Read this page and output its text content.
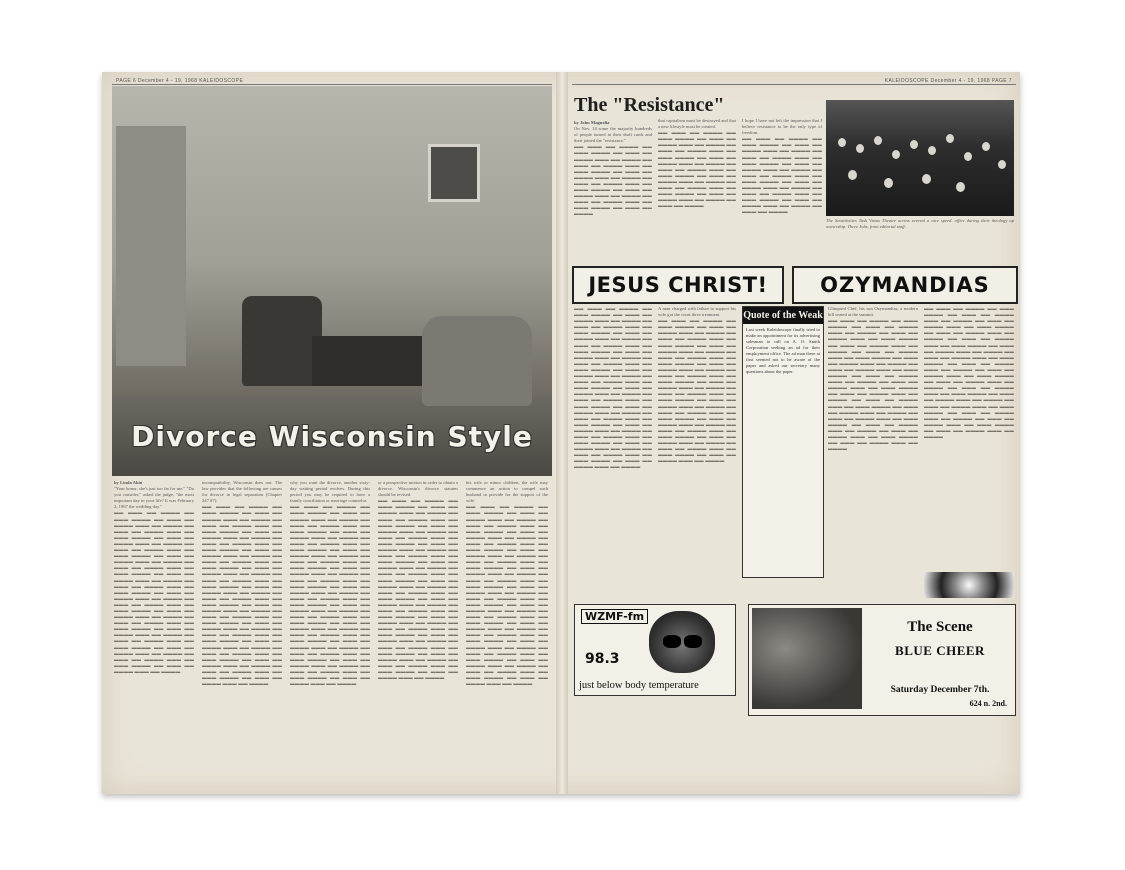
PAGE 6 December 4 - 19, 1968 KALEIDOSCOPE
Divorce Wisconsin Style
by Linda Akin
"Your honor, she's just too fat for me." "Do you consider," asked the judge, "the most important day in your life? It was February 2, 1967 the wedding day."
▬▬ ▬▬▬ ▬▬ ▬▬▬▬ ▬▬ ▬▬▬ ▬▬▬▬ ▬▬ ▬▬▬ ▬▬ ▬▬▬▬ ▬▬▬ ▬▬ ▬▬▬▬ ▬▬ ▬▬▬ ▬▬ ▬▬▬▬ ▬▬▬ ▬▬ ▬▬▬ ▬▬▬▬ ▬▬ ▬▬▬ ▬▬ ▬▬▬▬ ▬▬▬ ▬▬ ▬▬▬▬ ▬▬ ▬▬▬ ▬▬ ▬▬▬▬ ▬▬▬ ▬▬ ▬▬▬ ▬▬▬▬ ▬▬ ▬▬▬ ▬▬ ▬▬▬▬ ▬▬▬ ▬▬ ▬▬▬▬ ▬▬ ▬▬▬ ▬▬ ▬▬▬▬ ▬▬▬ ▬▬ ▬▬▬ ▬▬▬▬ ▬▬ ▬▬▬ ▬▬ ▬▬▬▬ ▬▬▬ ▬▬ ▬▬▬▬ ▬▬ ▬▬▬ ▬▬ ▬▬▬▬ ▬▬▬ ▬▬ ▬▬▬ ▬▬▬▬ ▬▬ ▬▬▬ ▬▬ ▬▬▬▬ ▬▬▬ ▬▬ ▬▬▬▬ ▬▬ ▬▬▬ ▬▬ ▬▬▬▬ ▬▬▬ ▬▬ ▬▬▬ ▬▬▬▬ ▬▬ ▬▬▬ ▬▬ ▬▬▬▬ ▬▬▬ ▬▬ ▬▬▬▬ ▬▬ ▬▬▬ ▬▬ ▬▬▬▬ ▬▬▬ ▬▬ ▬▬▬ ▬▬▬▬ ▬▬ ▬▬▬ ▬▬ ▬▬▬▬ ▬▬▬ ▬▬ ▬▬▬▬ ▬▬ ▬▬▬ ▬▬ ▬▬▬▬ ▬▬▬ ▬▬ ▬▬▬ ▬▬▬▬ ▬▬ ▬▬▬ ▬▬ ▬▬▬▬ ▬▬▬ ▬▬ ▬▬▬▬ ▬▬ ▬▬▬ ▬▬ ▬▬▬▬ ▬▬▬ ▬▬ ▬▬▬ ▬▬▬▬ ▬▬ ▬▬▬ ▬▬ ▬▬▬▬ ▬▬▬ ▬▬ ▬▬▬▬
incompatibility, Wisconsin does not. The law provides that the following are causes for divorce in legal separation (Chapter 247.07):
▬▬ ▬▬▬ ▬▬ ▬▬▬▬ ▬▬ ▬▬▬ ▬▬▬▬ ▬▬ ▬▬▬ ▬▬ ▬▬▬▬ ▬▬▬ ▬▬ ▬▬▬▬ ▬▬ ▬▬▬ ▬▬ ▬▬▬▬ ▬▬▬ ▬▬ ▬▬▬ ▬▬▬▬ ▬▬ ▬▬▬ ▬▬ ▬▬▬▬ ▬▬▬ ▬▬ ▬▬▬▬ ▬▬ ▬▬▬ ▬▬ ▬▬▬▬ ▬▬▬ ▬▬ ▬▬▬ ▬▬▬▬ ▬▬ ▬▬▬ ▬▬ ▬▬▬▬ ▬▬▬ ▬▬ ▬▬▬▬ ▬▬ ▬▬▬ ▬▬ ▬▬▬▬ ▬▬▬ ▬▬ ▬▬▬ ▬▬▬▬ ▬▬ ▬▬▬ ▬▬ ▬▬▬▬ ▬▬▬ ▬▬ ▬▬▬▬ ▬▬ ▬▬▬ ▬▬ ▬▬▬▬ ▬▬▬ ▬▬ ▬▬▬ ▬▬▬▬ ▬▬ ▬▬▬ ▬▬ ▬▬▬▬ ▬▬▬ ▬▬ ▬▬▬▬ ▬▬ ▬▬▬ ▬▬ ▬▬▬▬ ▬▬▬ ▬▬ ▬▬▬ ▬▬▬▬ ▬▬ ▬▬▬ ▬▬ ▬▬▬▬ ▬▬▬ ▬▬ ▬▬▬▬ ▬▬ ▬▬▬ ▬▬ ▬▬▬▬ ▬▬▬ ▬▬ ▬▬▬ ▬▬▬▬ ▬▬ ▬▬▬ ▬▬ ▬▬▬▬ ▬▬▬ ▬▬ ▬▬▬▬ ▬▬ ▬▬▬ ▬▬ ▬▬▬▬ ▬▬▬ ▬▬ ▬▬▬ ▬▬▬▬ ▬▬ ▬▬▬ ▬▬ ▬▬▬▬ ▬▬▬ ▬▬ ▬▬▬▬ ▬▬ ▬▬▬ ▬▬ ▬▬▬▬ ▬▬▬ ▬▬ ▬▬▬ ▬▬▬▬ ▬▬ ▬▬▬ ▬▬ ▬▬▬▬ ▬▬▬ ▬▬ ▬▬▬▬ ▬▬ ▬▬▬ ▬▬ ▬▬▬▬ ▬▬▬ ▬▬ ▬▬▬ ▬▬▬▬ ▬▬ ▬▬▬ ▬▬ ▬▬▬▬ ▬▬▬ ▬▬ ▬▬▬▬
why you want the divorce, another sixty-day waiting period evolves. During this period you may be required to have a family conciliation or marriage counselor.
▬▬ ▬▬▬ ▬▬ ▬▬▬▬ ▬▬ ▬▬▬ ▬▬▬▬ ▬▬ ▬▬▬ ▬▬ ▬▬▬▬ ▬▬▬ ▬▬ ▬▬▬▬ ▬▬ ▬▬▬ ▬▬ ▬▬▬▬ ▬▬▬ ▬▬ ▬▬▬ ▬▬▬▬ ▬▬ ▬▬▬ ▬▬ ▬▬▬▬ ▬▬▬ ▬▬ ▬▬▬▬ ▬▬ ▬▬▬ ▬▬ ▬▬▬▬ ▬▬▬ ▬▬ ▬▬▬ ▬▬▬▬ ▬▬ ▬▬▬ ▬▬ ▬▬▬▬ ▬▬▬ ▬▬ ▬▬▬▬ ▬▬ ▬▬▬ ▬▬ ▬▬▬▬ ▬▬▬ ▬▬ ▬▬▬ ▬▬▬▬ ▬▬ ▬▬▬ ▬▬ ▬▬▬▬ ▬▬▬ ▬▬ ▬▬▬▬ ▬▬ ▬▬▬ ▬▬ ▬▬▬▬ ▬▬▬ ▬▬ ▬▬▬ ▬▬▬▬ ▬▬ ▬▬▬ ▬▬ ▬▬▬▬ ▬▬▬ ▬▬ ▬▬▬▬ ▬▬ ▬▬▬ ▬▬ ▬▬▬▬ ▬▬▬ ▬▬ ▬▬▬ ▬▬▬▬ ▬▬ ▬▬▬ ▬▬ ▬▬▬▬ ▬▬▬ ▬▬ ▬▬▬▬ ▬▬ ▬▬▬ ▬▬ ▬▬▬▬ ▬▬▬ ▬▬ ▬▬▬ ▬▬▬▬ ▬▬ ▬▬▬ ▬▬ ▬▬▬▬ ▬▬▬ ▬▬ ▬▬▬▬ ▬▬ ▬▬▬ ▬▬ ▬▬▬▬ ▬▬▬ ▬▬ ▬▬▬ ▬▬▬▬ ▬▬ ▬▬▬ ▬▬ ▬▬▬▬ ▬▬▬ ▬▬ ▬▬▬▬ ▬▬ ▬▬▬ ▬▬ ▬▬▬▬ ▬▬▬ ▬▬ ▬▬▬ ▬▬▬▬ ▬▬ ▬▬▬ ▬▬ ▬▬▬▬ ▬▬▬ ▬▬ ▬▬▬▬ ▬▬ ▬▬▬ ▬▬ ▬▬▬▬ ▬▬▬ ▬▬ ▬▬▬ ▬▬▬▬ ▬▬ ▬▬▬ ▬▬ ▬▬▬▬ ▬▬▬ ▬▬ ▬▬▬▬
or a prospective motion in order to obtain a divorce. Wisconsin's divorce statutes should be revised.
▬▬ ▬▬▬ ▬▬ ▬▬▬▬ ▬▬ ▬▬▬ ▬▬▬▬ ▬▬ ▬▬▬ ▬▬ ▬▬▬▬ ▬▬▬ ▬▬ ▬▬▬▬ ▬▬ ▬▬▬ ▬▬ ▬▬▬▬ ▬▬▬ ▬▬ ▬▬▬ ▬▬▬▬ ▬▬ ▬▬▬ ▬▬ ▬▬▬▬ ▬▬▬ ▬▬ ▬▬▬▬ ▬▬ ▬▬▬ ▬▬ ▬▬▬▬ ▬▬▬ ▬▬ ▬▬▬ ▬▬▬▬ ▬▬ ▬▬▬ ▬▬ ▬▬▬▬ ▬▬▬ ▬▬ ▬▬▬▬ ▬▬ ▬▬▬ ▬▬ ▬▬▬▬ ▬▬▬ ▬▬ ▬▬▬ ▬▬▬▬ ▬▬ ▬▬▬ ▬▬ ▬▬▬▬ ▬▬▬ ▬▬ ▬▬▬▬ ▬▬ ▬▬▬ ▬▬ ▬▬▬▬ ▬▬▬ ▬▬ ▬▬▬ ▬▬▬▬ ▬▬ ▬▬▬ ▬▬ ▬▬▬▬ ▬▬▬ ▬▬ ▬▬▬▬ ▬▬ ▬▬▬ ▬▬ ▬▬▬▬ ▬▬▬ ▬▬ ▬▬▬ ▬▬▬▬ ▬▬ ▬▬▬ ▬▬ ▬▬▬▬ ▬▬▬ ▬▬ ▬▬▬▬ ▬▬ ▬▬▬ ▬▬ ▬▬▬▬ ▬▬▬ ▬▬ ▬▬▬ ▬▬▬▬ ▬▬ ▬▬▬ ▬▬ ▬▬▬▬ ▬▬▬ ▬▬ ▬▬▬▬ ▬▬ ▬▬▬ ▬▬ ▬▬▬▬ ▬▬▬ ▬▬ ▬▬▬ ▬▬▬▬ ▬▬ ▬▬▬ ▬▬ ▬▬▬▬ ▬▬▬ ▬▬ ▬▬▬▬ ▬▬ ▬▬▬ ▬▬ ▬▬▬▬ ▬▬▬ ▬▬ ▬▬▬ ▬▬▬▬ ▬▬ ▬▬▬ ▬▬ ▬▬▬▬ ▬▬▬ ▬▬ ▬▬▬▬ ▬▬ ▬▬▬ ▬▬ ▬▬▬▬ ▬▬▬ ▬▬ ▬▬▬ ▬▬▬▬ ▬▬ ▬▬▬ ▬▬ ▬▬▬▬ ▬▬▬ ▬▬ ▬▬▬▬
his wife or minor children, the wife may commence an action to compel such husband to provide for the support of the wife.
▬▬ ▬▬▬ ▬▬ ▬▬▬▬ ▬▬ ▬▬▬ ▬▬▬▬ ▬▬ ▬▬▬ ▬▬ ▬▬▬▬ ▬▬▬ ▬▬ ▬▬▬▬ ▬▬ ▬▬▬ ▬▬ ▬▬▬▬ ▬▬▬ ▬▬ ▬▬▬ ▬▬▬▬ ▬▬ ▬▬▬ ▬▬ ▬▬▬▬ ▬▬▬ ▬▬ ▬▬▬▬ ▬▬ ▬▬▬ ▬▬ ▬▬▬▬ ▬▬▬ ▬▬ ▬▬▬ ▬▬▬▬ ▬▬ ▬▬▬ ▬▬ ▬▬▬▬ ▬▬▬ ▬▬ ▬▬▬▬ ▬▬ ▬▬▬ ▬▬ ▬▬▬▬ ▬▬▬ ▬▬ ▬▬▬ ▬▬▬▬ ▬▬ ▬▬▬ ▬▬ ▬▬▬▬ ▬▬▬ ▬▬ ▬▬▬▬ ▬▬ ▬▬▬ ▬▬ ▬▬▬▬ ▬▬▬ ▬▬ ▬▬▬ ▬▬▬▬ ▬▬ ▬▬▬ ▬▬ ▬▬▬▬ ▬▬▬ ▬▬ ▬▬▬▬ ▬▬ ▬▬▬ ▬▬ ▬▬▬▬ ▬▬▬ ▬▬ ▬▬▬ ▬▬▬▬ ▬▬ ▬▬▬ ▬▬ ▬▬▬▬ ▬▬▬ ▬▬ ▬▬▬▬ ▬▬ ▬▬▬ ▬▬ ▬▬▬▬ ▬▬▬ ▬▬ ▬▬▬ ▬▬▬▬ ▬▬ ▬▬▬ ▬▬ ▬▬▬▬ ▬▬▬ ▬▬ ▬▬▬▬ ▬▬ ▬▬▬ ▬▬ ▬▬▬▬ ▬▬▬ ▬▬ ▬▬▬ ▬▬▬▬ ▬▬ ▬▬▬ ▬▬ ▬▬▬▬ ▬▬▬ ▬▬ ▬▬▬▬ ▬▬ ▬▬▬ ▬▬ ▬▬▬▬ ▬▬▬ ▬▬ ▬▬▬ ▬▬▬▬ ▬▬ ▬▬▬ ▬▬ ▬▬▬▬ ▬▬▬ ▬▬ ▬▬▬▬ ▬▬ ▬▬▬ ▬▬ ▬▬▬▬ ▬▬▬ ▬▬ ▬▬▬ ▬▬▬▬ ▬▬ ▬▬▬ ▬▬ ▬▬▬▬ ▬▬▬ ▬▬ ▬▬▬▬
KALEIDOSCOPE December 4 - 19, 1968 PAGE 7
The "Resistance"
by John Magnolia
On Nov. 14 some the majority hundreds of people turned in their draft cards and their joined the "resistance."
▬▬ ▬▬▬ ▬▬ ▬▬▬▬ ▬▬ ▬▬▬ ▬▬▬▬ ▬▬ ▬▬▬ ▬▬ ▬▬▬▬ ▬▬▬ ▬▬ ▬▬▬▬ ▬▬ ▬▬▬ ▬▬ ▬▬▬▬ ▬▬▬ ▬▬ ▬▬▬ ▬▬▬▬ ▬▬ ▬▬▬ ▬▬ ▬▬▬▬ ▬▬▬ ▬▬ ▬▬▬▬ ▬▬ ▬▬▬ ▬▬ ▬▬▬▬ ▬▬▬ ▬▬ ▬▬▬ ▬▬▬▬ ▬▬ ▬▬▬ ▬▬ ▬▬▬▬ ▬▬▬ ▬▬ ▬▬▬▬ ▬▬ ▬▬▬ ▬▬ ▬▬▬▬ ▬▬▬ ▬▬ ▬▬▬ ▬▬▬▬ ▬▬ ▬▬▬ ▬▬ ▬▬▬▬
that capitalism must be destroyed and that a new lifestyle must be created.
▬▬ ▬▬▬ ▬▬ ▬▬▬▬ ▬▬ ▬▬▬ ▬▬▬▬ ▬▬ ▬▬▬ ▬▬ ▬▬▬▬ ▬▬▬ ▬▬ ▬▬▬▬ ▬▬ ▬▬▬ ▬▬ ▬▬▬▬ ▬▬▬ ▬▬ ▬▬▬ ▬▬▬▬ ▬▬ ▬▬▬ ▬▬ ▬▬▬▬ ▬▬▬ ▬▬ ▬▬▬▬ ▬▬ ▬▬▬ ▬▬ ▬▬▬▬ ▬▬▬ ▬▬ ▬▬▬ ▬▬▬▬ ▬▬ ▬▬▬ ▬▬ ▬▬▬▬ ▬▬▬ ▬▬ ▬▬▬▬ ▬▬ ▬▬▬ ▬▬ ▬▬▬▬ ▬▬▬ ▬▬ ▬▬▬ ▬▬▬▬ ▬▬ ▬▬▬ ▬▬ ▬▬▬▬ ▬▬▬ ▬▬ ▬▬▬▬ ▬▬ ▬▬▬ ▬▬ ▬▬▬▬
I hope I have not left the impression that I believe resistance to be the only type of freedom.
▬▬ ▬▬▬ ▬▬ ▬▬▬▬ ▬▬ ▬▬▬ ▬▬▬▬ ▬▬ ▬▬▬ ▬▬ ▬▬▬▬ ▬▬▬ ▬▬ ▬▬▬▬ ▬▬ ▬▬▬ ▬▬ ▬▬▬▬ ▬▬▬ ▬▬ ▬▬▬ ▬▬▬▬ ▬▬ ▬▬▬ ▬▬ ▬▬▬▬ ▬▬▬ ▬▬ ▬▬▬▬ ▬▬ ▬▬▬ ▬▬ ▬▬▬▬ ▬▬▬ ▬▬ ▬▬▬ ▬▬▬▬ ▬▬ ▬▬▬ ▬▬ ▬▬▬▬ ▬▬▬ ▬▬ ▬▬▬▬ ▬▬ ▬▬▬ ▬▬ ▬▬▬▬ ▬▬▬ ▬▬ ▬▬▬ ▬▬▬▬ ▬▬ ▬▬▬ ▬▬ ▬▬▬▬ ▬▬▬ ▬▬ ▬▬▬▬ ▬▬ ▬▬▬ ▬▬ ▬▬▬▬
The Sensitivities Task Vistas Theatre across several a nice speed. office during their theology up ownership. Three Jobs, front editorial staff.
JESUS CHRIST!	OZYMANDIAS
▬▬ ▬▬▬ ▬▬ ▬▬▬▬ ▬▬ ▬▬▬ ▬▬▬▬ ▬▬ ▬▬▬ ▬▬ ▬▬▬▬ ▬▬▬ ▬▬ ▬▬▬▬ ▬▬ ▬▬▬ ▬▬ ▬▬▬▬ ▬▬▬ ▬▬ ▬▬▬ ▬▬▬▬ ▬▬ ▬▬▬ ▬▬ ▬▬▬▬ ▬▬▬ ▬▬ ▬▬▬▬ ▬▬ ▬▬▬ ▬▬ ▬▬▬▬ ▬▬▬ ▬▬ ▬▬▬ ▬▬▬▬ ▬▬ ▬▬▬ ▬▬ ▬▬▬▬ ▬▬▬ ▬▬ ▬▬▬▬ ▬▬ ▬▬▬ ▬▬ ▬▬▬▬ ▬▬▬ ▬▬ ▬▬▬ ▬▬▬▬ ▬▬ ▬▬▬ ▬▬ ▬▬▬▬ ▬▬▬ ▬▬ ▬▬▬▬ ▬▬ ▬▬▬ ▬▬ ▬▬▬▬ ▬▬▬ ▬▬ ▬▬▬ ▬▬▬▬ ▬▬ ▬▬▬ ▬▬ ▬▬▬▬ ▬▬▬ ▬▬ ▬▬▬▬ ▬▬ ▬▬▬ ▬▬ ▬▬▬▬ ▬▬▬ ▬▬ ▬▬▬ ▬▬▬▬ ▬▬ ▬▬▬ ▬▬ ▬▬▬▬ ▬▬▬ ▬▬ ▬▬▬▬ ▬▬ ▬▬▬ ▬▬ ▬▬▬▬ ▬▬▬ ▬▬ ▬▬▬ ▬▬▬▬ ▬▬ ▬▬▬ ▬▬ ▬▬▬▬ ▬▬▬ ▬▬ ▬▬▬▬ ▬▬ ▬▬▬ ▬▬ ▬▬▬▬ ▬▬▬ ▬▬ ▬▬▬ ▬▬▬▬ ▬▬ ▬▬▬ ▬▬ ▬▬▬▬ ▬▬▬ ▬▬ ▬▬▬▬ ▬▬ ▬▬▬ ▬▬ ▬▬▬▬ ▬▬▬ ▬▬ ▬▬▬ ▬▬▬▬ ▬▬ ▬▬▬ ▬▬ ▬▬▬▬ ▬▬▬ ▬▬ ▬▬▬▬
A man charged with failure to support his wife got the court three treatment.
▬▬ ▬▬▬ ▬▬ ▬▬▬▬ ▬▬ ▬▬▬ ▬▬▬▬ ▬▬ ▬▬▬ ▬▬ ▬▬▬▬ ▬▬▬ ▬▬ ▬▬▬▬ ▬▬ ▬▬▬ ▬▬ ▬▬▬▬ ▬▬▬ ▬▬ ▬▬▬ ▬▬▬▬ ▬▬ ▬▬▬ ▬▬ ▬▬▬▬ ▬▬▬ ▬▬ ▬▬▬▬ ▬▬ ▬▬▬ ▬▬ ▬▬▬▬ ▬▬▬ ▬▬ ▬▬▬ ▬▬▬▬ ▬▬ ▬▬▬ ▬▬ ▬▬▬▬ ▬▬▬ ▬▬ ▬▬▬▬ ▬▬ ▬▬▬ ▬▬ ▬▬▬▬ ▬▬▬ ▬▬ ▬▬▬ ▬▬▬▬ ▬▬ ▬▬▬ ▬▬ ▬▬▬▬ ▬▬▬ ▬▬ ▬▬▬▬ ▬▬ ▬▬▬ ▬▬ ▬▬▬▬ ▬▬▬ ▬▬ ▬▬▬ ▬▬▬▬ ▬▬ ▬▬▬ ▬▬ ▬▬▬▬ ▬▬▬ ▬▬ ▬▬▬▬ ▬▬ ▬▬▬ ▬▬ ▬▬▬▬ ▬▬▬ ▬▬ ▬▬▬ ▬▬▬▬ ▬▬ ▬▬▬ ▬▬ ▬▬▬▬ ▬▬▬ ▬▬ ▬▬▬▬ ▬▬ ▬▬▬ ▬▬ ▬▬▬▬ ▬▬▬ ▬▬ ▬▬▬ ▬▬▬▬ ▬▬ ▬▬▬ ▬▬ ▬▬▬▬ ▬▬▬ ▬▬ ▬▬▬▬ ▬▬ ▬▬▬ ▬▬ ▬▬▬▬ ▬▬▬ ▬▬ ▬▬▬ ▬▬▬▬ ▬▬ ▬▬▬ ▬▬ ▬▬▬▬ ▬▬▬ ▬▬ ▬▬▬▬
Quote of the Weak
Last week Kaleidoscope finally tried to make an appointment for its advertising salesman to call on A. O. Smith Corporation seeking an ad for their employment office. The ad man there at first seemed not to be aware of the paper and asked our secretary many questions about the paper.
Glimpsed Chef, his sun Ozymandias, a modern hill seated at the summit.
▬▬ ▬▬▬ ▬▬ ▬▬▬▬ ▬▬ ▬▬▬ ▬▬▬▬ ▬▬ ▬▬▬ ▬▬ ▬▬▬▬ ▬▬▬ ▬▬ ▬▬▬▬ ▬▬ ▬▬▬ ▬▬ ▬▬▬▬ ▬▬▬ ▬▬ ▬▬▬ ▬▬▬▬ ▬▬ ▬▬▬ ▬▬ ▬▬▬▬ ▬▬▬ ▬▬ ▬▬▬▬ ▬▬ ▬▬▬ ▬▬ ▬▬▬▬ ▬▬▬ ▬▬ ▬▬▬ ▬▬▬▬ ▬▬ ▬▬▬ ▬▬ ▬▬▬▬ ▬▬▬ ▬▬ ▬▬▬▬ ▬▬ ▬▬▬ ▬▬ ▬▬▬▬ ▬▬▬ ▬▬ ▬▬▬ ▬▬▬▬ ▬▬ ▬▬▬ ▬▬ ▬▬▬▬ ▬▬▬ ▬▬ ▬▬▬▬ ▬▬ ▬▬▬ ▬▬ ▬▬▬▬ ▬▬▬ ▬▬ ▬▬▬ ▬▬▬▬ ▬▬ ▬▬▬ ▬▬ ▬▬▬▬ ▬▬▬ ▬▬ ▬▬▬▬ ▬▬ ▬▬▬ ▬▬ ▬▬▬▬ ▬▬▬ ▬▬ ▬▬▬ ▬▬▬▬ ▬▬ ▬▬▬ ▬▬ ▬▬▬▬ ▬▬▬ ▬▬ ▬▬▬▬ ▬▬ ▬▬▬ ▬▬ ▬▬▬▬ ▬▬▬ ▬▬ ▬▬▬ ▬▬▬▬ ▬▬ ▬▬▬ ▬▬ ▬▬▬▬ ▬▬▬ ▬▬ ▬▬▬▬ ▬▬ ▬▬▬ ▬▬ ▬▬▬▬ ▬▬▬ ▬▬ ▬▬▬ ▬▬▬▬ ▬▬ ▬▬▬ ▬▬ ▬▬▬▬ ▬▬▬ ▬▬ ▬▬▬▬
▬▬ ▬▬▬ ▬▬ ▬▬▬▬ ▬▬ ▬▬▬ ▬▬▬▬ ▬▬ ▬▬▬ ▬▬ ▬▬▬▬ ▬▬▬ ▬▬ ▬▬▬▬ ▬▬ ▬▬▬ ▬▬ ▬▬▬▬ ▬▬▬ ▬▬ ▬▬▬ ▬▬▬▬ ▬▬ ▬▬▬ ▬▬ ▬▬▬▬ ▬▬▬ ▬▬ ▬▬▬▬ ▬▬ ▬▬▬ ▬▬ ▬▬▬▬ ▬▬▬ ▬▬ ▬▬▬ ▬▬▬▬ ▬▬ ▬▬▬ ▬▬ ▬▬▬▬ ▬▬▬ ▬▬ ▬▬▬▬ ▬▬ ▬▬▬ ▬▬ ▬▬▬▬ ▬▬▬ ▬▬ ▬▬▬ ▬▬▬▬ ▬▬ ▬▬▬ ▬▬ ▬▬▬▬ ▬▬▬ ▬▬ ▬▬▬▬ ▬▬ ▬▬▬ ▬▬ ▬▬▬▬ ▬▬▬ ▬▬ ▬▬▬ ▬▬▬▬ ▬▬ ▬▬▬ ▬▬ ▬▬▬▬ ▬▬▬ ▬▬ ▬▬▬▬ ▬▬ ▬▬▬ ▬▬ ▬▬▬▬ ▬▬▬ ▬▬ ▬▬▬ ▬▬▬▬ ▬▬ ▬▬▬ ▬▬ ▬▬▬▬ ▬▬▬ ▬▬ ▬▬▬▬ ▬▬ ▬▬▬ ▬▬ ▬▬▬▬ ▬▬▬ ▬▬ ▬▬▬ ▬▬▬▬ ▬▬ ▬▬▬ ▬▬ ▬▬▬▬ ▬▬▬ ▬▬ ▬▬▬▬ ▬▬ ▬▬▬ ▬▬ ▬▬▬▬ ▬▬▬ ▬▬ ▬▬▬ ▬▬▬▬ ▬▬ ▬▬▬ ▬▬ ▬▬▬▬ ▬▬▬ ▬▬ ▬▬▬▬
WZMF-fm
98.3
just below body temperature
The Scene
BLUE CHEER
Saturday December 7th.
624 n. 2nd.
